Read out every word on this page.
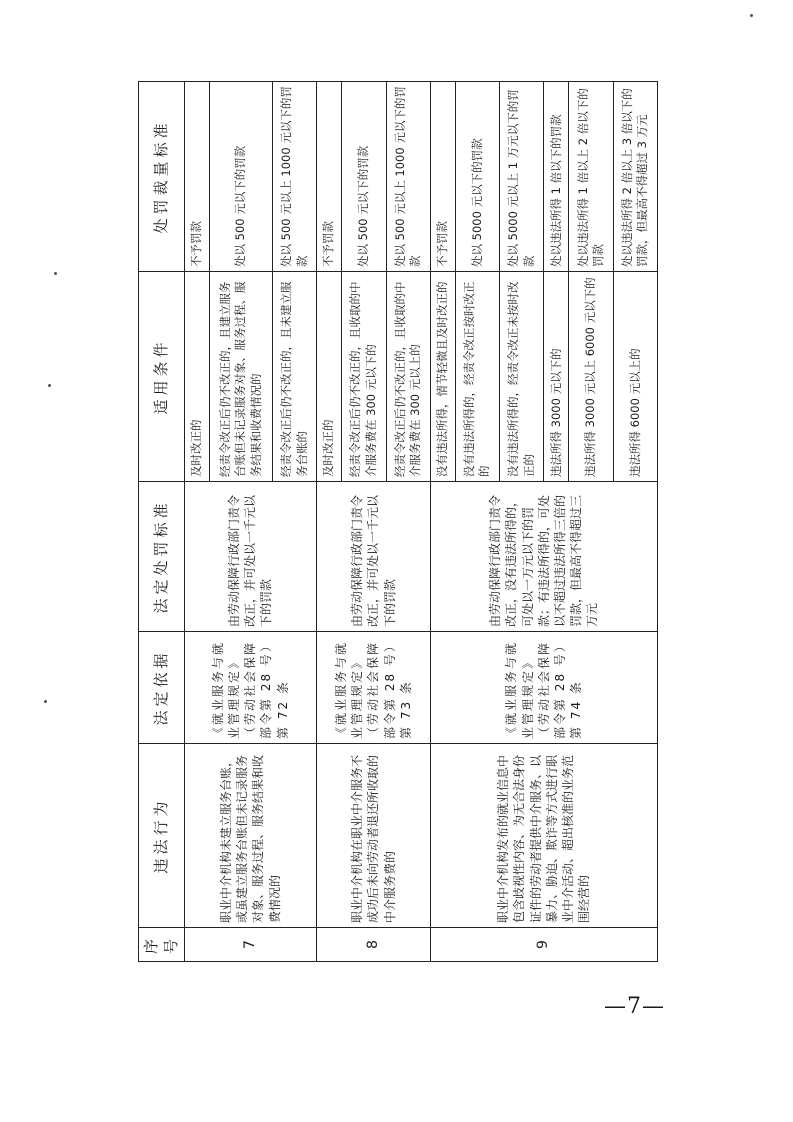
序号	违法行为	法定依据	法定处罚标准	适用条件	处罚裁量标准
7	职业中介机构未建立服务台账，或虽建立服务台账但未记录服务对象、服务过程、服务结果和收费情况的	《就业服务与就业管理规定》（劳动社会保障部令第 28 号）第 72 条	由劳动保障行政部门责令改正，并可处以一千元以下的罚款	及时改正的	不予罚款
				经责令改正后仍不改正的，且建立服务台账但未记录服务对象、服务过程、服务结果和收费情况的	处以 500 元以下的罚款
				经责令改正后仍不改正的，且未建立服务台账的	处以 500 元以上 1000 元以下的罚款
8	职业中介机构在职业中介服务不成功后未向劳动者退还所收取的中介服务费的	《就业服务与就业管理规定》（劳动社会保障部令第 28 号）第 73 条	由劳动保障行政部门责令改正，并可处以一千元以下的罚款	及时改正的	不予罚款
				经责令改正后仍不改正的，且收取的中介服务费在 300 元以下的	处以 500 元以下的罚款
				经责令改正后仍不改正的，且收取的中介服务费在 300 元以上的	处以 500 元以上 1000 元以下的罚款
9	职业中介机构发布的就业信息中包含歧视性内容、为无合法身份证件的劳动者提供中介服务、以暴力、胁迫、欺诈等方式进行职业中介活动、超出核准的业务范围经营的	《就业服务与就业管理规定》（劳动社会保障部令第 28 号）第 74 条	由劳动保障行政部门责令改正，没有违法所得的，可处以一万元以下的罚款；有违法所得的，可处以不超过违法所得三倍的罚款，但最高不得超过三万元	没有违法所得，情节轻微且及时改正的	不予罚款
				没有违法所得的，经责令改正按时改正的	处以 5000 元以下的罚款
				没有违法所得的，经责令改正未按时改正的	处以 5000 元以上 1 万元以下的罚款
				违法所得 3000 元以下的	处以违法所得 1 倍以下的罚款
				违法所得 3000 元以上 6000 元以下的	处以违法所得 1 倍以上 2 倍以下的罚款
				违法所得 6000 元以上的	处以违法所得 2 倍以上 3 倍以下的罚款，但最高不得超过 3 万元
—7—
